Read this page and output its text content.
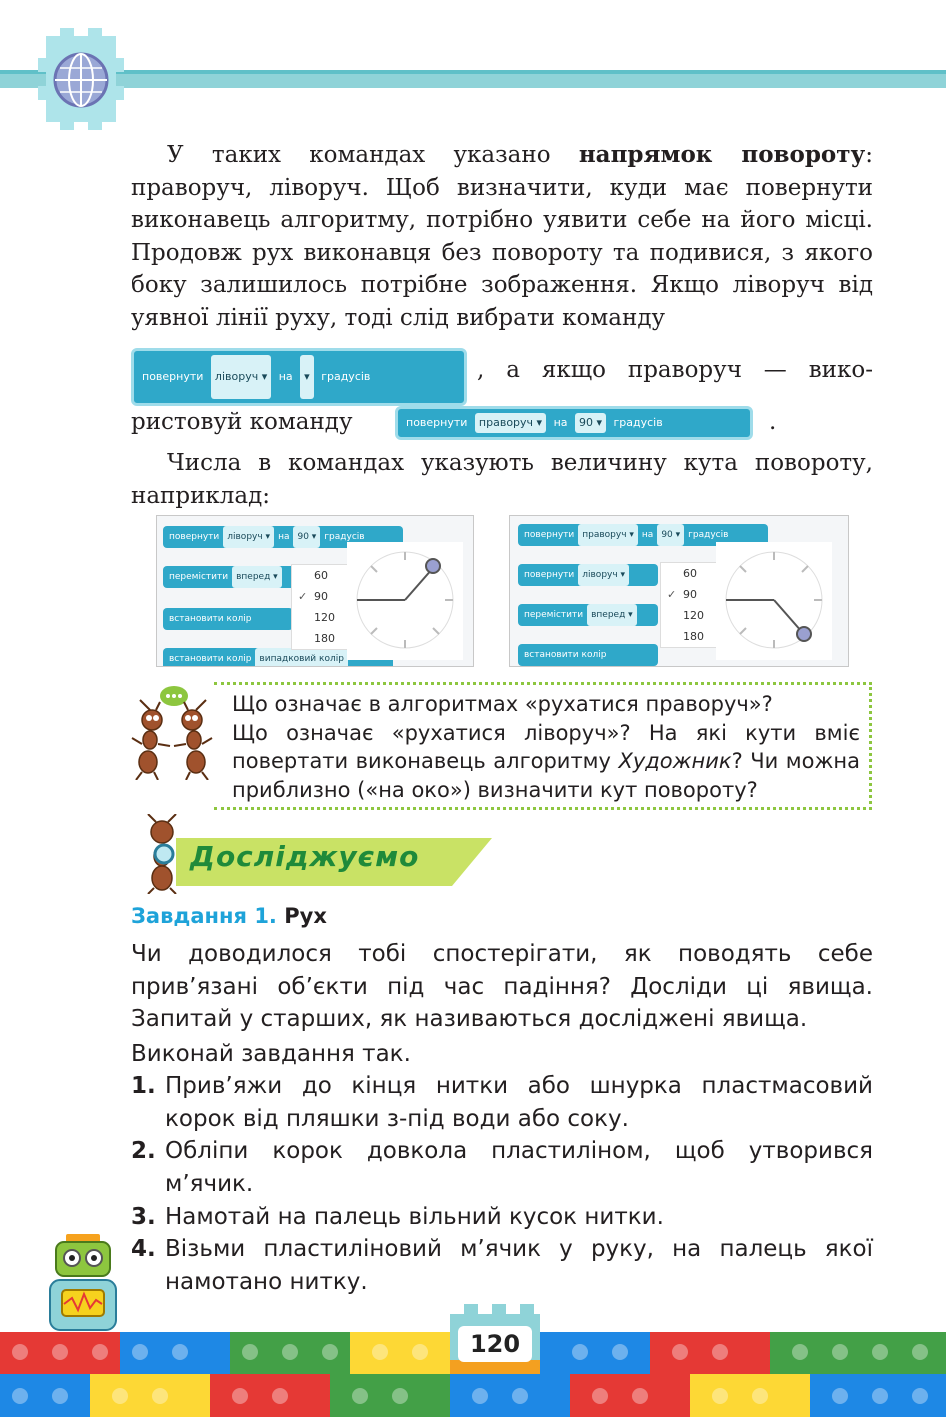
У таких командах указано напрямок повороту: праворуч, ліворуч. Щоб визначити, куди має повернути виконавець алгоритму, потрібно уявити себе на його місці. Продовж рух виконавця без повороту та подивися, з якого боку залишилось потрібне зображення. Якщо ліворуч від уявної лінії руху, тоді слід вибрати команду
повернути ліворуч ▾ на ▾ градусів	, а якщо праворуч — вико-
ристовуй команду	повернути праворуч ▾ на 90 ▾ градусів	.
Числа в командах указують величину кута повороту, наприклад:
повернути ліворуч ▾ на 90 ▾ градусів
перемістити вперед ▾
встановити колір
встановити колір випадковий колір
60
✓ 90
120
180
повернути праворуч ▾ на 90 ▾ градусів
повернути ліворуч ▾
перемістити вперед ▾
встановити колір
60
✓ 90
120
180
Що означає в алгоритмах «рухатися праворуч»?
Що означає «рухатися ліворуч»? На які кути вміє повертати виконавець алгоритму Художник? Чи можна приблизно («на око») визначити кут повороту?
Досліджуємо
Завдання 1. Рух
Чи доводилося тобі спостерігати, як поводять себе прив’язані об’єкти під час падіння? Досліди ці явища. Запитай у старших, як називаються досліджені явища.
Виконай завдання так.
1. Прив’яжи до кінця нитки або шнурка пластмасовий корок від пляшки з-під води або соку.
2. Обліпи корок довкола пластиліном, щоб утворився м’ячик.
3. Намотай на палець вільний кусок нитки.
4. Візьми пластиліновий м’ячик у руку, на палець якої намотано нитку.
120
